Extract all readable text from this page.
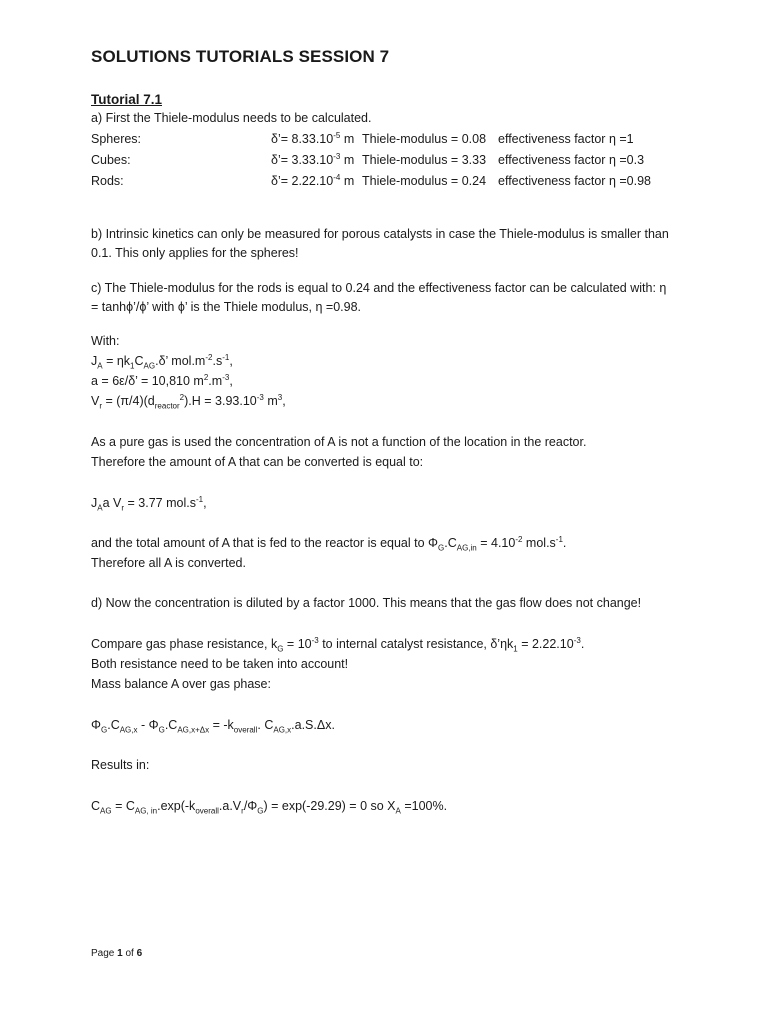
SOLUTIONS TUTORIALS SESSION 7
Tutorial 7.1
a) First the Thiele-modulus needs to be calculated.
Spheres:	δ’= $8.33.10^{-5}$ m Thiele-modulus = 0.08 effectiveness factor η =1
Cubes:	δ’= $3.33.10^{-3}$ m Thiele-modulus = 3.33 effectiveness factor η =0.3
Rods:	δ’= $2.22.10^{-4}$ m Thiele-modulus = 0.24 effectiveness factor η =0.98
b) Intrinsic kinetics can only be measured for porous catalysts in case the Thiele-modulus is smaller than
0.1. This only applies for the spheres!
c) The Thiele-modulus for the rods is equal to 0.24 and the effectiveness factor can be calculated with: η
= tanhϕ’/ϕ’ with ϕ’ is the Thiele modulus, η =0.98.
With:
$J_A = \eta k_1C_{AG}.\delta$’ $mol.m^{-2}.s^{-1}$,
a = 6ε/δ’ = 10,810 $m^2.m^{-3}$,
$V_r = (\pi/4)(d_{reactor}^2).H = 3.93.10^{-3}$ $m^3$,
As a pure gas is used the concentration of A is not a function of the location in the reactor.
Therefore the amount of A that can be converted is equal to:
$J_Aa$ $V_r = 3.77$ $mol.s^{-1}$,
and the total amount of A that is fed to the reactor is equal to $\Phi_G.C_{AG,in} = 4.10^{-2}$ $mol.s^{-1}$.
Therefore all A is converted.
d) Now the concentration is diluted by a factor 1000. This means that the gas flow does not change!
Compare gas phase resistance, $k_G = 10^{-3}$ to internal catalyst resistance, $\delta’\eta k_1 = 2.22.10^{-3}$.
Both resistance need to be taken into account!
Mass balance A over gas phase:
$\Phi_G.C_{AG,x} - \Phi_G.C_{AG,x+\Delta x} = -k_{overall}$. $C_{AG,x}.a.S.\Delta x$.
Results in:
$C_{AG} = C_{AG, in}.\exp(-k_{overall}.a.V_r/\Phi_G) = \exp(-29.29) = 0$ so $X_A =100\%$.
Page 1 of 6
